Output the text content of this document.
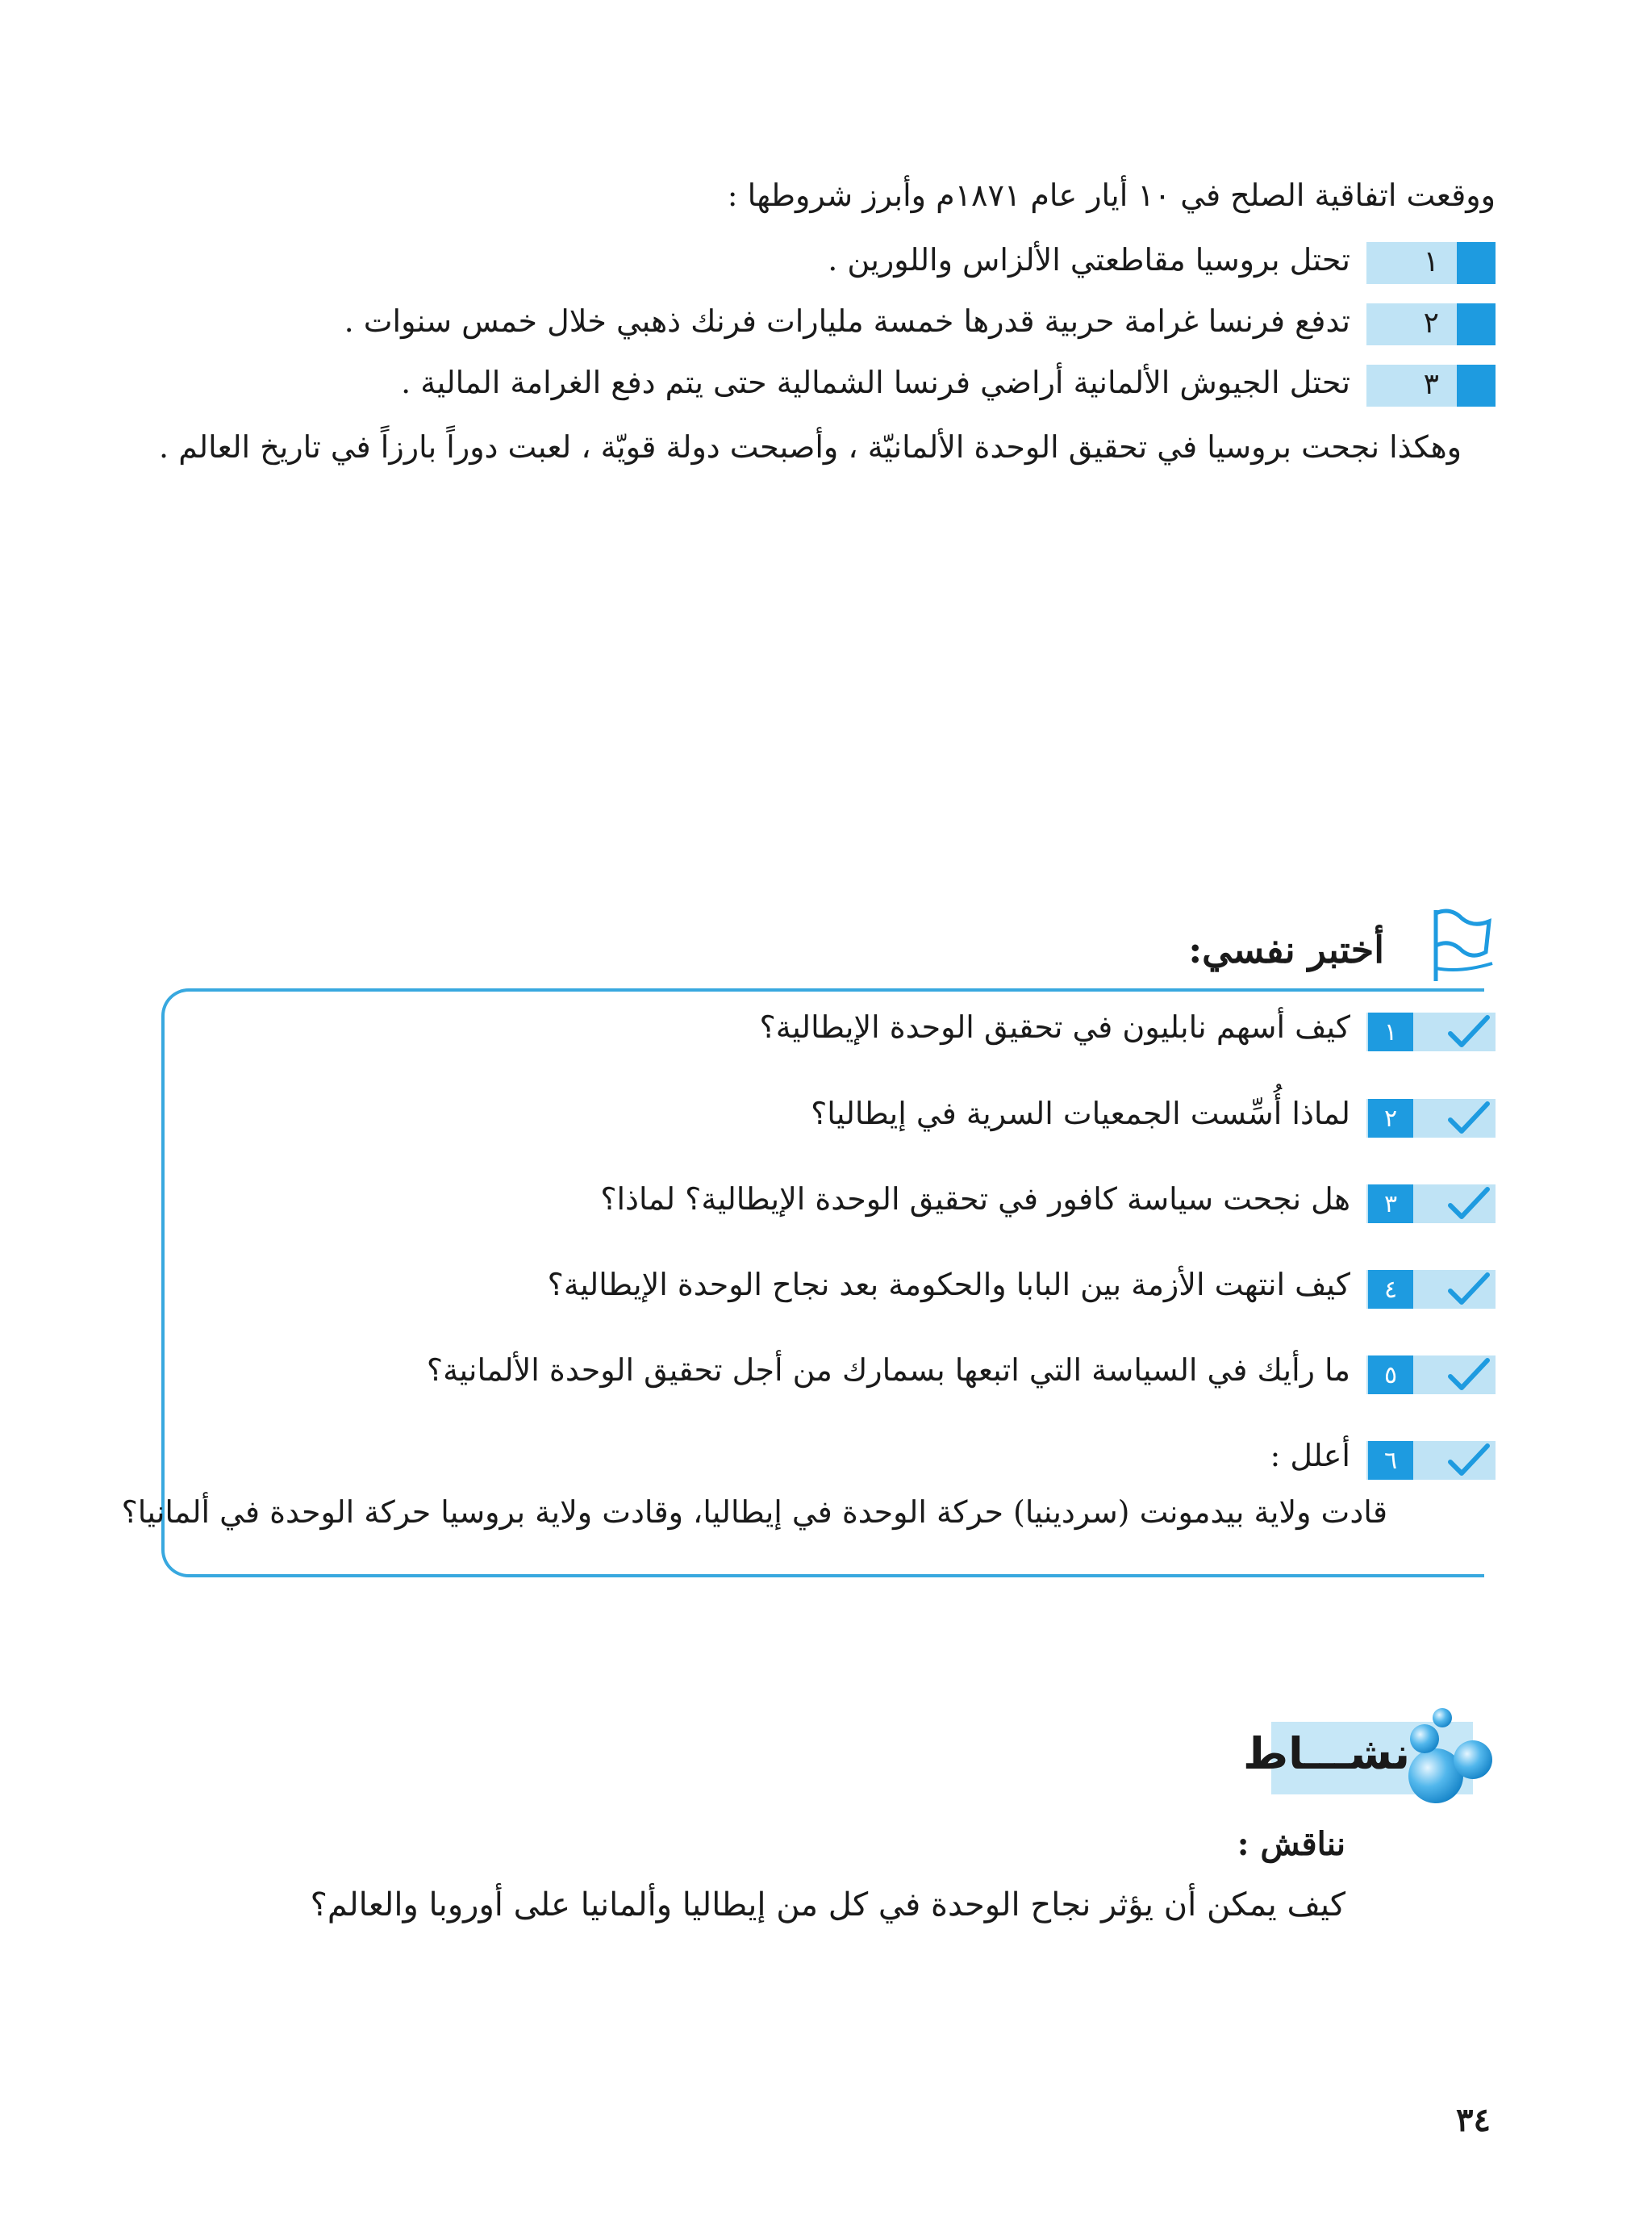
ووقعت اتفاقية الصلح في ١٠ أيار عام ١٨٧١م وأبرز شروطها :
١
تحتل بروسيا مقاطعتي الألزاس واللورين .
٢
تدفع فرنسا غرامة حربية قدرها خمسة مليارات فرنك ذهبي خلال خمس سنوات .
٣
تحتل الجيوش الألمانية أراضي فرنسا الشمالية حتى يتم دفع الغرامة المالية .
وهكذا نجحت بروسيا في تحقيق الوحدة الألمانيّة ، وأصبحت دولة قويّة ، لعبت دوراً بارزاً في تاريخ العالم .
أختبر نفسي:
١
كيف أسهم نابليون في تحقيق الوحدة الإيطالية؟
٢
لماذا أُسِّست الجمعيات السرية في إيطاليا؟
٣
هل نجحت سياسة كافور في تحقيق الوحدة الإيطالية؟ لماذا؟
٤
كيف انتهت الأزمة بين البابا والحكومة بعد نجاح الوحدة الإيطالية؟
٥
ما رأيك في السياسة التي اتبعها بسمارك من أجل تحقيق الوحدة الألمانية؟
٦
أعلل :
قادت ولاية بيدمونت (سردينيا) حركة الوحدة في إيطاليا، وقادت ولاية بروسيا حركة الوحدة في ألمانيا؟
نشـــاط
نناقش :
كيف يمكن أن يؤثر نجاح الوحدة في كل من إيطاليا وألمانيا على أوروبا والعالم؟
٣٤
